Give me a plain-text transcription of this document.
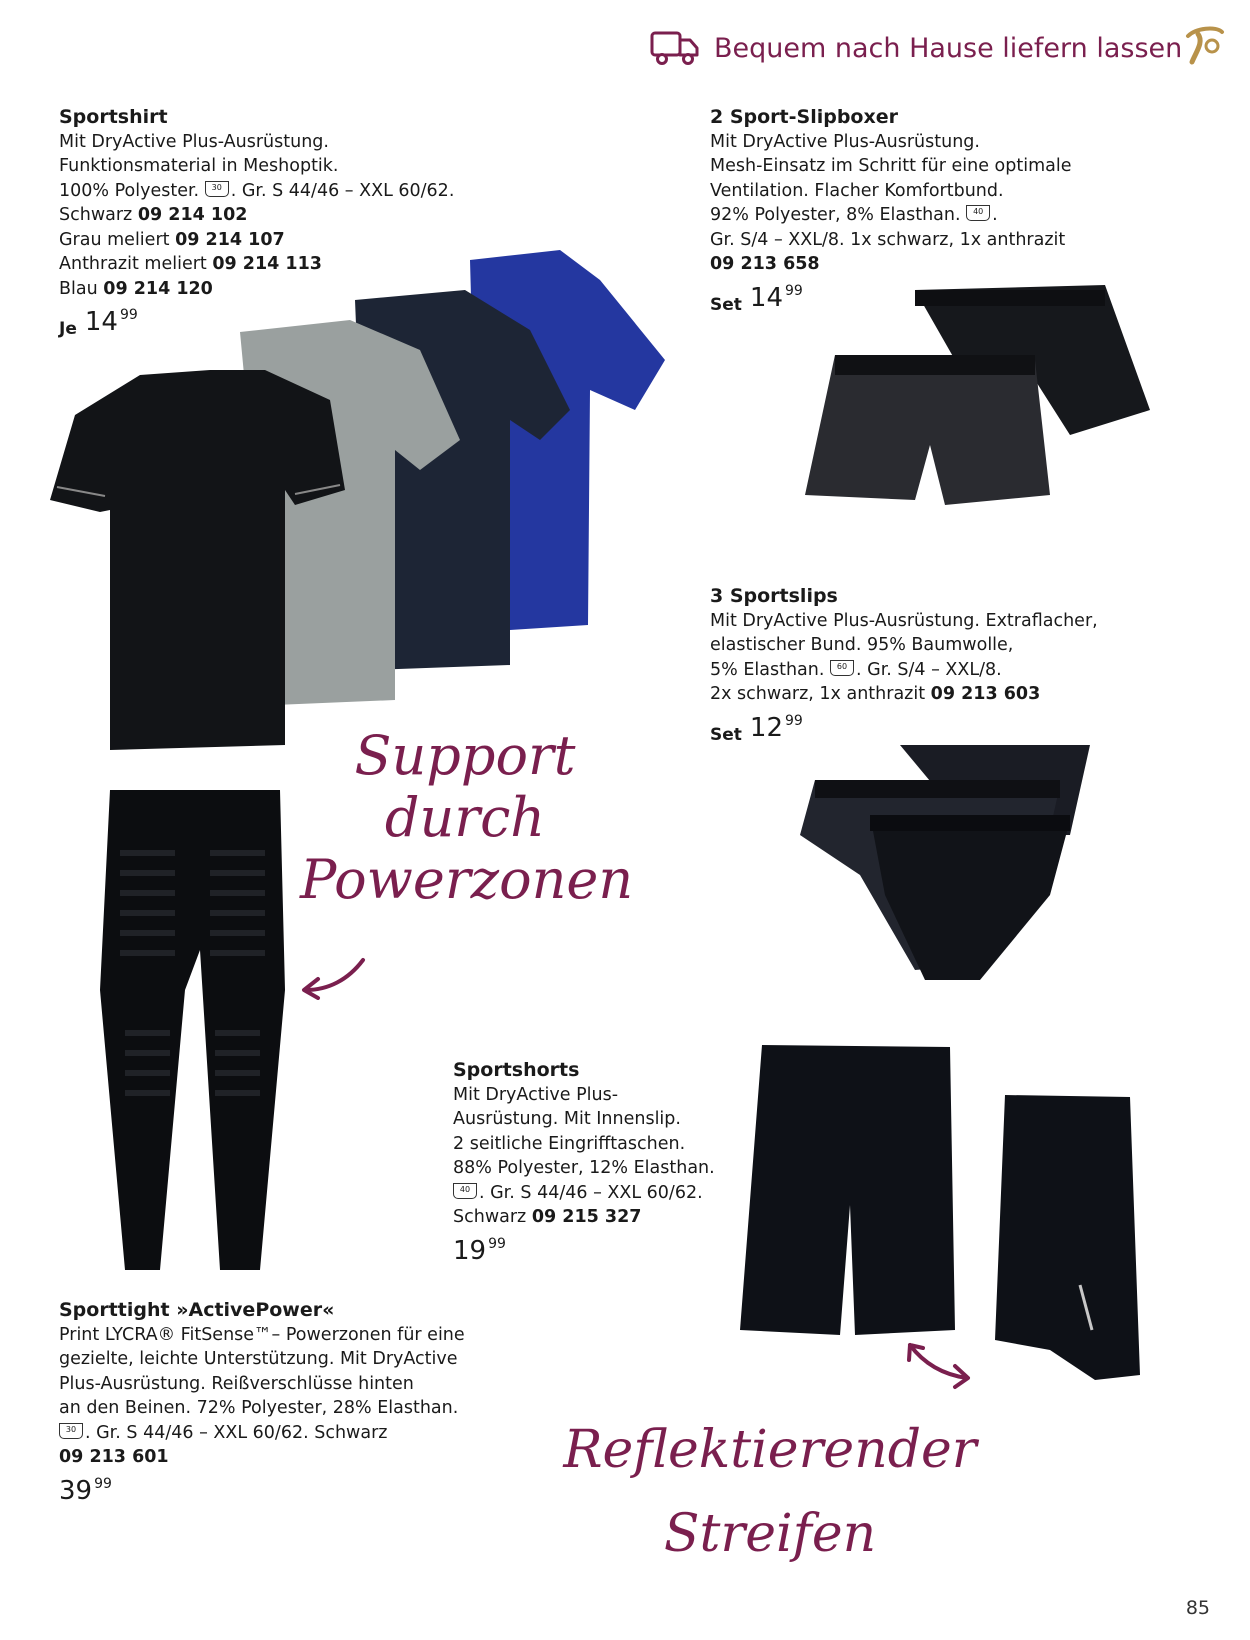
Bequem nach Hause liefern lassen
Sportshirt
Mit DryActive Plus-Ausrüstung.
Funktionsmaterial in Meshoptik.
100% Polyester. 30 . Gr. S 44/46 – XXL 60/62.
Schwarz 09 214 102
Grau meliert 09 214 107
Anthrazit meliert 09 214 113
Blau 09 214 120
Je 14 99
2 Sport-Slipboxer
Mit DryActive Plus-Ausrüstung.
Mesh-Einsatz im Schritt für eine optimale
Ventilation. Flacher Komfortbund.
92% Polyester, 8% Elasthan. 40 .
Gr. S/4 – XXL/8. 1x schwarz, 1x anthrazit
09 213 658
Set 14 99
3 Sportslips
Mit DryActive Plus-Ausrüstung. Extraflacher,
elastischer Bund. 95% Baumwolle,
5% Elasthan. 60 . Gr. S/4 – XXL/8.
2x schwarz, 1x anthrazit 09 213 603
Set 12 99
Sportshorts
Mit DryActive Plus-
Ausrüstung. Mit Innenslip.
2 seitliche Eingrifftaschen.
88% Polyester, 12% Elasthan.
40 . Gr. S 44/46 – XXL 60/62.
Schwarz 09 215 327
19 99
Sporttight »ActivePower«
Print LYCRA® FitSense™– Powerzonen für eine
gezielte, leichte Unterstützung. Mit DryActive
Plus-Ausrüstung. Reißverschlüsse hinten
an den Beinen. 72% Polyester, 28% Elasthan.
30 . Gr. S 44/46 – XXL 60/62. Schwarz
09 213 601
39 99
Support
durch
Powerzonen
Reflektierender
Streifen
85
